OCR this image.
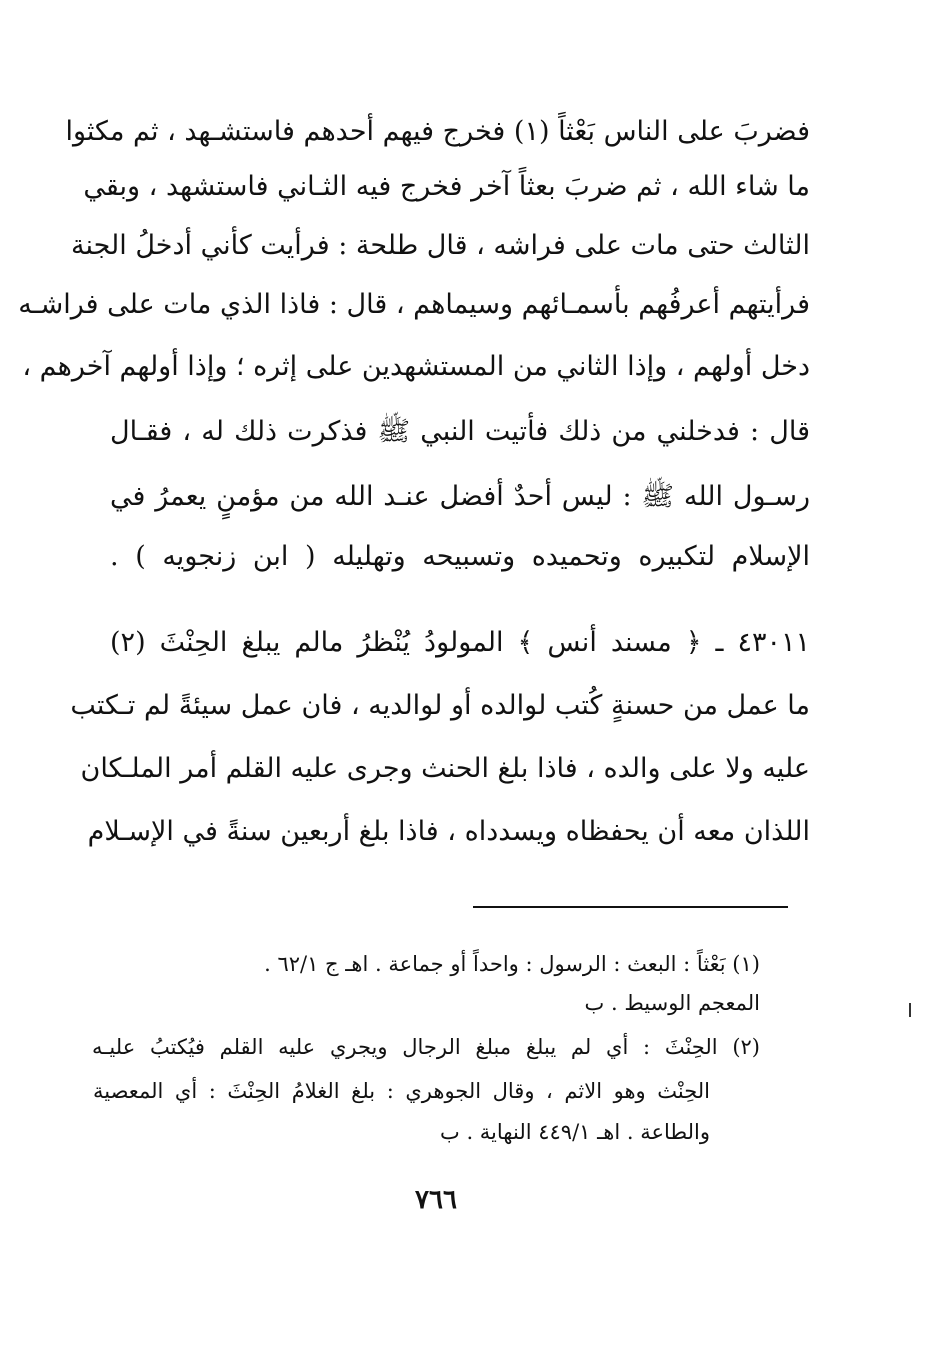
فضربَ على الناس بَعْثاً (١) فخرج فيهم أحدهم فاستشـهد ، ثم مكثوا
ما شاء الله ، ثم ضربَ بعثاً آخر فخرج فيه الثـاني فاستشهد ، وبقي
الثالث حتى مات على فراشه ، قال طلحة : فرأيت كأني أدخلُ الجنة
فرأيتهم أعرفُهم بأسمـائهم وسيماهم ، قال : فاذا الذي مات على فراشـه
دخل أولهم ، وإذا الثاني من المستشهدين على إثره ؛ وإذا أولهم آخرهم ،
قال : فدخلني من ذلك فأتيت النبي ﷺ فذكرت ذلك له ، فقـال
رسـول الله ﷺ : ليس أحدٌ أفضل عنـد الله من مؤمنٍ يعمرُ في
الإسلام لتكبيره وتحميده وتسبيحه وتهليله ( ابن زنجويه ) .
٤٣٠١١ ـ ﴿ مسند أنس ﴾ المولودُ يُنْظرُ مالم يبلغ الحِنْثَ (٢)
ما عمل من حسنةٍ كُتب لوالده أو لوالديه ، فان عمل سيئةً لم تـكتب
عليه ولا على والده ، فاذا بلغ الحنث وجرى عليه القلم أمر الملـكان
اللذان معه أن يحفظاه ويسدداه ، فاذا بلغ أربعين سنةً في الإسـلام
(١) بَعْثاً : البعث : الرسول : واحداً أو جماعة . اهـ ج ٦٢/١ .
المعجم الوسيط . ب
(٢) الحِنْثَ : أي لم يبلغ مبلغ الرجال ويجري عليه القلم فيُكتبُ عليـه
الحِنْث وهو الاثم ، وقال الجوهري : بلغ الغلامُ الحِنْثَ : أي المعصية
والطاعة . اهـ ٤٤٩/١ النهاية . ب
٧٦٦
